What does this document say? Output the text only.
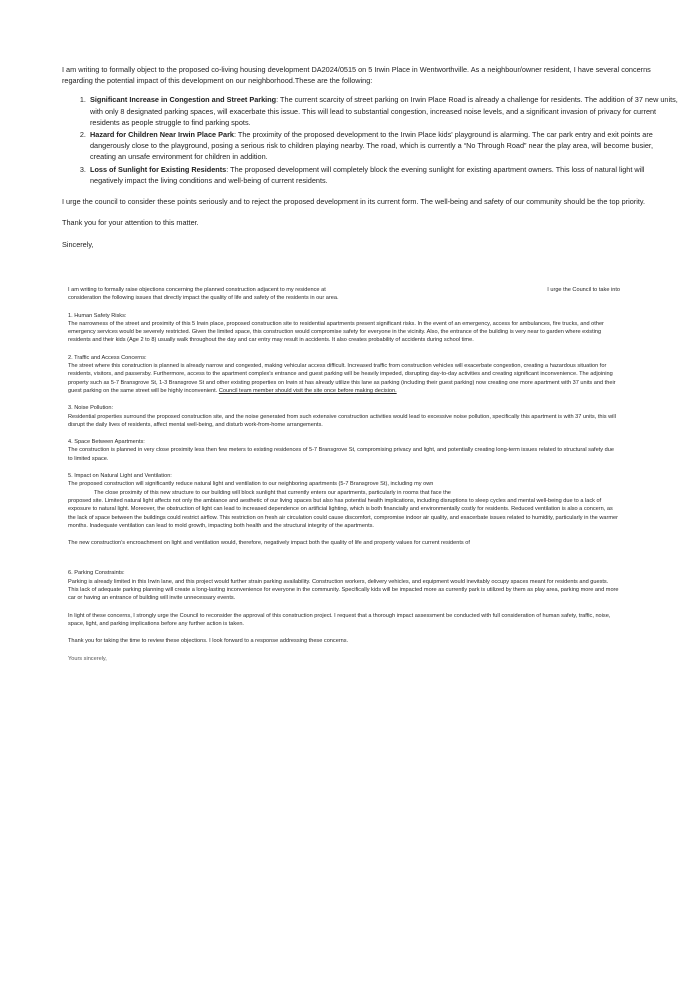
I am writing to formally object to the proposed co-living housing development DA2024/0515 on 5 Irwin Place in Wentworthville. As a neighbour/owner resident, I have several concerns regarding the potential impact of this development on our neighborhood.These are the following:

1. Significant Increase in Congestion and Street Parking: The current scarcity of street parking on Irwin Place Road is already a challenge for residents. The addition of 37 new units, with only 8 designated parking spaces, will exacerbate this issue. This will lead to substantial congestion, increased noise levels, and a significant invasion of privacy for current residents as people struggle to find parking spots.
2. Hazard for Children Near Irwin Place Park: The proximity of the proposed development to the Irwin Place kids' playground is alarming. The car park entry and exit points are dangerously close to the playground, posing a serious risk to children playing nearby. The road, which is currently a “No Through Road” near the play area, will become busier, creating an unsafe environment for children in addition.
3. Loss of Sunlight for Existing Residents: The proposed development will completely block the evening sunlight for existing apartment owners. This loss of natural light will negatively impact the living conditions and well-being of current residents.

I urge the council to consider these points seriously and to reject the proposed development in its current form. The well-being and safety of our community should be the top priority.

Thank you for your attention to this matter.

Sincerely,

I am writing to formally raise objections concerning the planned construction adjacent to my residence at	I urge the Council to take into

consideration the following issues that directly impact the quality of life and safety of the residents in our area.

1. Human Safety Risks:

The narrowness of the street and proximity of this 5 Irwin place, proposed construction site to residential apartments present significant risks. In the event of an emergency, access for ambulances, fire trucks, and other emergency services would be severely restricted. Given the limited space, this construction would compromise safety for everyone in the vicinity. Also, the entrance of the building is very near to garden where existing residents and their kids (Age 2 to 8) usually walk throughout the day and car entry may result in accidents. It also creates probability of accidents during school time.

2. Traffic and Access Concerns:

The street where this construction is planned is already narrow and congested, making vehicular access difficult. Increased traffic from construction vehicles will exacerbate congestion, creating a hazardous situation for residents, visitors, and passersby. Furthermore, access to the apartment complex's entrance and guest parking will be heavily impeded, disrupting day-to-day activities and creating significant inconvenience. The adjoining property such as 5-7 Bransgrove St, 1-3 Bransgrove St and other existing properties on Irwin st has already utilize this lane as parking (including their guest parking) now creating one more apartment with 37 units and their guest parking on the same street will be highly inconvenient. Council team member should visit the site once before making decision.

3. Noise Pollution:

Residential properties surround the proposed construction site, and the noise generated from such extensive construction activities would lead to excessive noise pollution, specifically this apartment is with 37 units, this will disrupt the daily lives of residents, affect mental well-being, and disturb work-from-home arrangements.

4. Space Between Apartments:

The construction is planned in very close proximity less then few meters to existing residences of 5-7 Bransgrove St, compromising privacy and light, and potentially creating long-term issues related to structural safety due to limited space.

5. Impact on Natural Light and Ventilation:

The proposed construction will significantly reduce natural light and ventilation to our neighboring apartments (5-7 Bransgrove St), including my own

The close proximity of this new structure to our building will block sunlight that currently enters our apartments, particularly in rooms that face the

proposed site. Limited natural light affects not only the ambiance and aesthetic of our living spaces but also has potential health implications, including disruptions to sleep cycles and mental well-being due to a lack of exposure to natural light. Moreover, the obstruction of light can lead to increased dependence on artificial lighting, which is both financially and environmentally costly for residents. Reduced ventilation is also a concern, as the lack of space between the buildings could restrict airflow. This restriction on fresh air circulation could cause discomfort, compromise indoor air quality, and exacerbate issues related to humidity, particularly in the warmer months. Inadequate ventilation can lead to mold growth, impacting both health and the structural integrity of the apartments.

The new construction’s encroachment on light and ventilation would, therefore, negatively impact both the quality of life and property values for current residents of

6. Parking Constraints:

Parking is already limited in this Irwin lane, and this project would further strain parking availability. Construction workers, delivery vehicles, and equipment would inevitably occupy spaces meant for residents and guests. This lack of adequate parking planning will create a long-lasting inconvenience for everyone in the community. Specifically kids will be impacted more as currently park is utilized by them as play area, parking more and more car or having an entrance of building will invite unnecessary events.

In light of these concerns, I strongly urge the Council to reconsider the approval of this construction project. I request that a thorough impact assessment be conducted with full consideration of human safety, traffic, noise, space, light, and parking implications before any further action is taken.

Thank you for taking the time to review these objections. I look forward to a response addressing these concerns.

Yours sincerely,
